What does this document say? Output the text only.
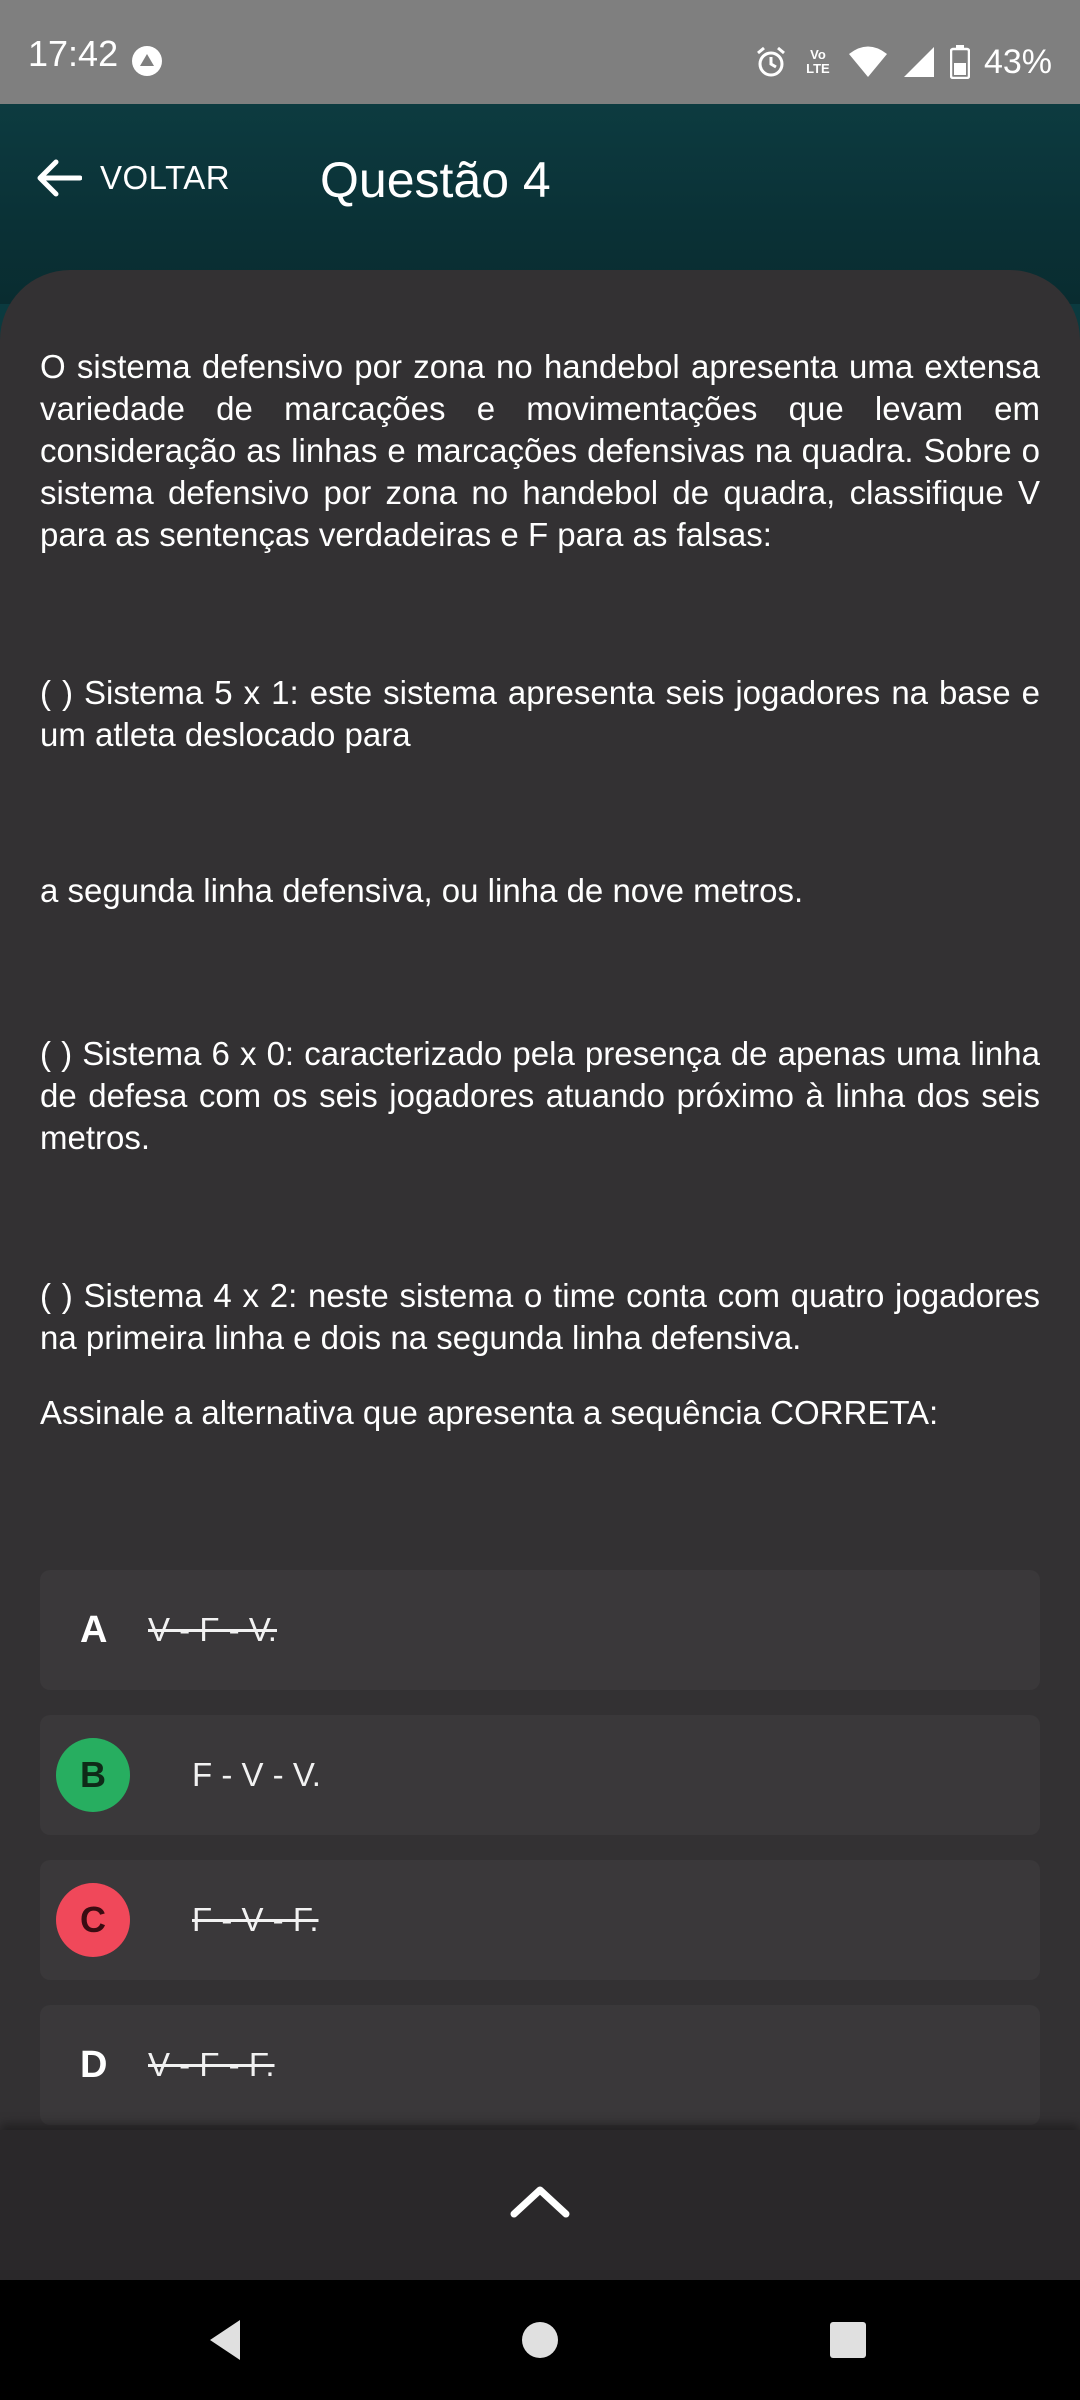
17:42	Vo
LTE	43%
VOLTAR Questão 4

O sistema defensivo por zona no handebol apresenta uma extensa variedade de marcações e movimentações que levam em consideração as linhas e marcações defensivas na quadra. Sobre o sistema defensivo por zona no handebol de quadra, classifique V para as sentenças verdadeiras e F para as falsas:

( ) Sistema 5 x 1: este sistema apresenta seis jogadores na base e um atleta deslocado para

a segunda linha defensiva, ou linha de nove metros.

( ) Sistema 6 x 0: caracterizado pela presença de apenas uma linha de defesa com os seis jogadores atuando próximo à linha dos seis metros.

( ) Sistema 4 x 2: neste sistema o time conta com quatro jogadores na primeira linha e dois na segunda linha defensiva.

Assinale a alternativa que apresenta a sequência CORRETA:

A V - F - V.
B	F - V - V.
C	F - V - F.
D V - F - F.
